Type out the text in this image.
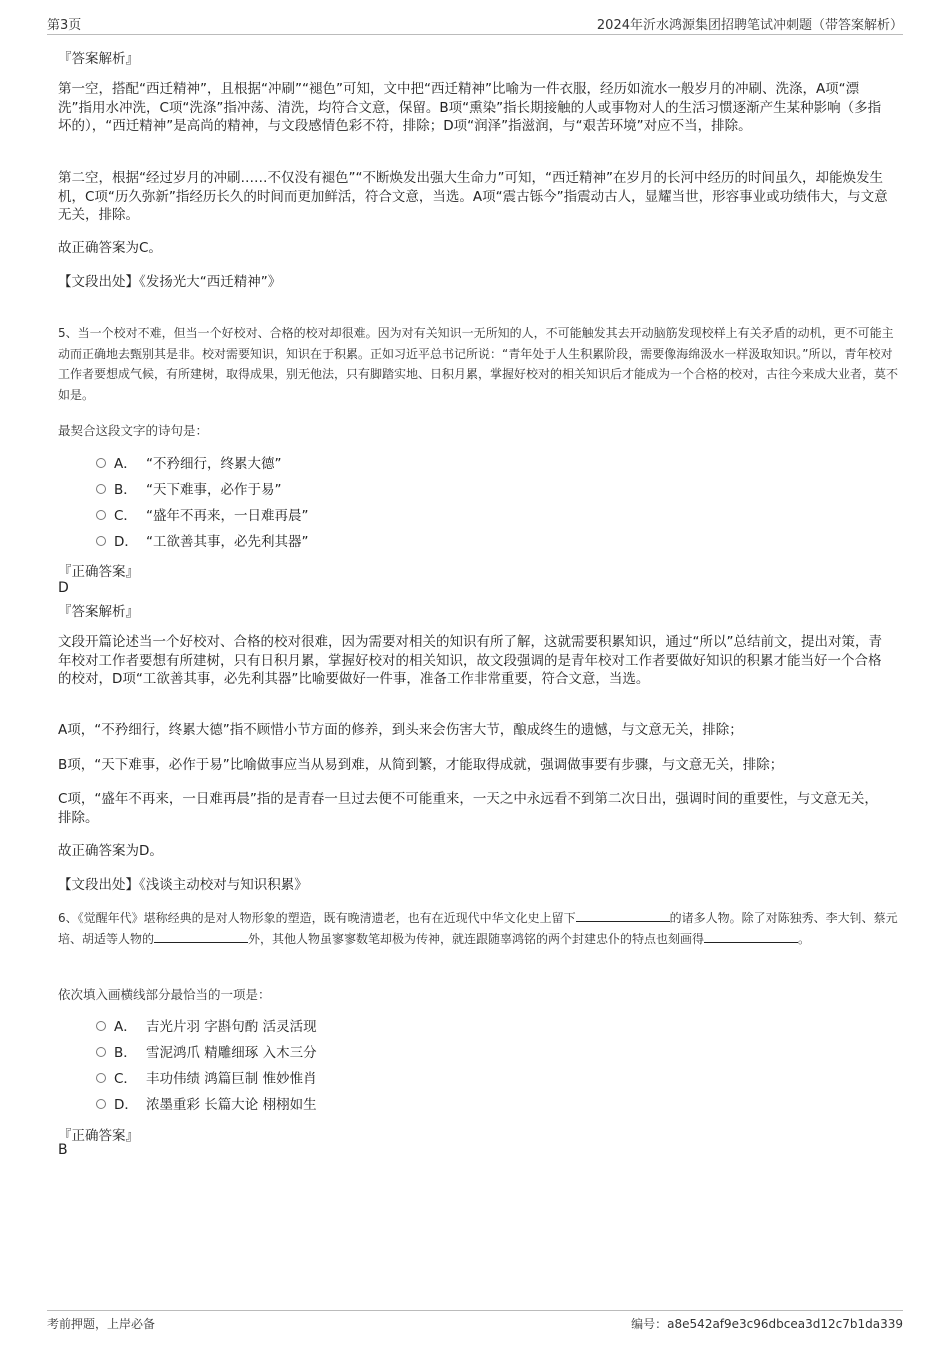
第3页	2024年沂水鸿源集团招聘笔试冲刺题（带答案解析）
『答案解析』
第一空，搭配“西迁精神”，且根据“冲刷”“褪色”可知，文中把“西迁精神”比喻为一件衣服，经历如流水一般岁月的冲刷、洗涤，A项“漂洗”指用水冲洗，C项“洗涤”指冲荡、清洗，均符合文意，保留。B项“熏染”指长期接触的人或事物对人的生活习惯逐渐产生某种影响（多指坏的），“西迁精神”是高尚的精神，与文段感情色彩不符，排除；D项“润泽”指滋润，与“艰苦环境”对应不当，排除。
第二空，根据“经过岁月的冲刷……不仅没有褪色”“不断焕发出强大生命力”可知，“西迁精神”在岁月的长河中经历的时间虽久，却能焕发生机，C项“历久弥新”指经历长久的时间而更加鲜活，符合文意，当选。A项“震古铄今”指震动古人，显耀当世，形容事业或功绩伟大，与文意无关，排除。
故正确答案为C。
【文段出处】《发扬光大“西迁精神”》
5、当一个校对不难，但当一个好校对、合格的校对却很难。因为对有关知识一无所知的人，不可能触发其去开动脑筋发现校样上有关矛盾的动机，更不可能主动而正确地去甄别其是非。校对需要知识，知识在于积累。正如习近平总书记所说：“青年处于人生积累阶段，需要像海绵汲水一样汲取知识。”所以，青年校对工作者要想成气候，有所建树，取得成果，别无他法，只有脚踏实地、日积月累，掌握好校对的相关知识后才能成为一个合格的校对，古往今来成大业者，莫不如是。
最契合这段文字的诗句是：
A． “不矜细行，终累大德”
B． “天下难事，必作于易”
C． “盛年不再来，一日难再晨”
D． “工欲善其事，必先利其器”
『正确答案』
D
『答案解析』
文段开篇论述当一个好校对、合格的校对很难，因为需要对相关的知识有所了解，这就需要积累知识，通过“所以”总结前文，提出对策，青年校对工作者要想有所建树，只有日积月累，掌握好校对的相关知识，故文段强调的是青年校对工作者要做好知识的积累才能当好一个合格的校对，D项“工欲善其事，必先利其器”比喻要做好一件事，准备工作非常重要，符合文意，当选。
A项，“不矜细行，终累大德”指不顾惜小节方面的修养，到头来会伤害大节，酿成终生的遗憾，与文意无关，排除；
B项，“天下难事，必作于易”比喻做事应当从易到难，从简到繁，才能取得成就，强调做事要有步骤，与文意无关，排除；
C项，“盛年不再来，一日难再晨”指的是青春一旦过去便不可能重来，一天之中永远看不到第二次日出，强调时间的重要性，与文意无关，排除。
故正确答案为D。
【文段出处】《浅谈主动校对与知识积累》
6、《觉醒年代》堪称经典的是对人物形象的塑造，既有晚清遗老，也有在近现代中华文化史上留下	的诸多人物。除了对陈独秀、李大钊、蔡元培、胡适等人物的	外，其他人物虽寥寥数笔却极为传神，就连跟随辜鸿铭的两个封建忠仆的特点也刻画得	。
依次填入画横线部分最恰当的一项是：
A． 吉光片羽 字斟句酌 活灵活现
B． 雪泥鸿爪 精雕细琢 入木三分
C． 丰功伟绩 鸿篇巨制 惟妙惟肖
D． 浓墨重彩 长篇大论 栩栩如生
『正确答案』
B
考前押题，上岸必备	编号：a8e542af9e3c96dbcea3d12c7b1da339
